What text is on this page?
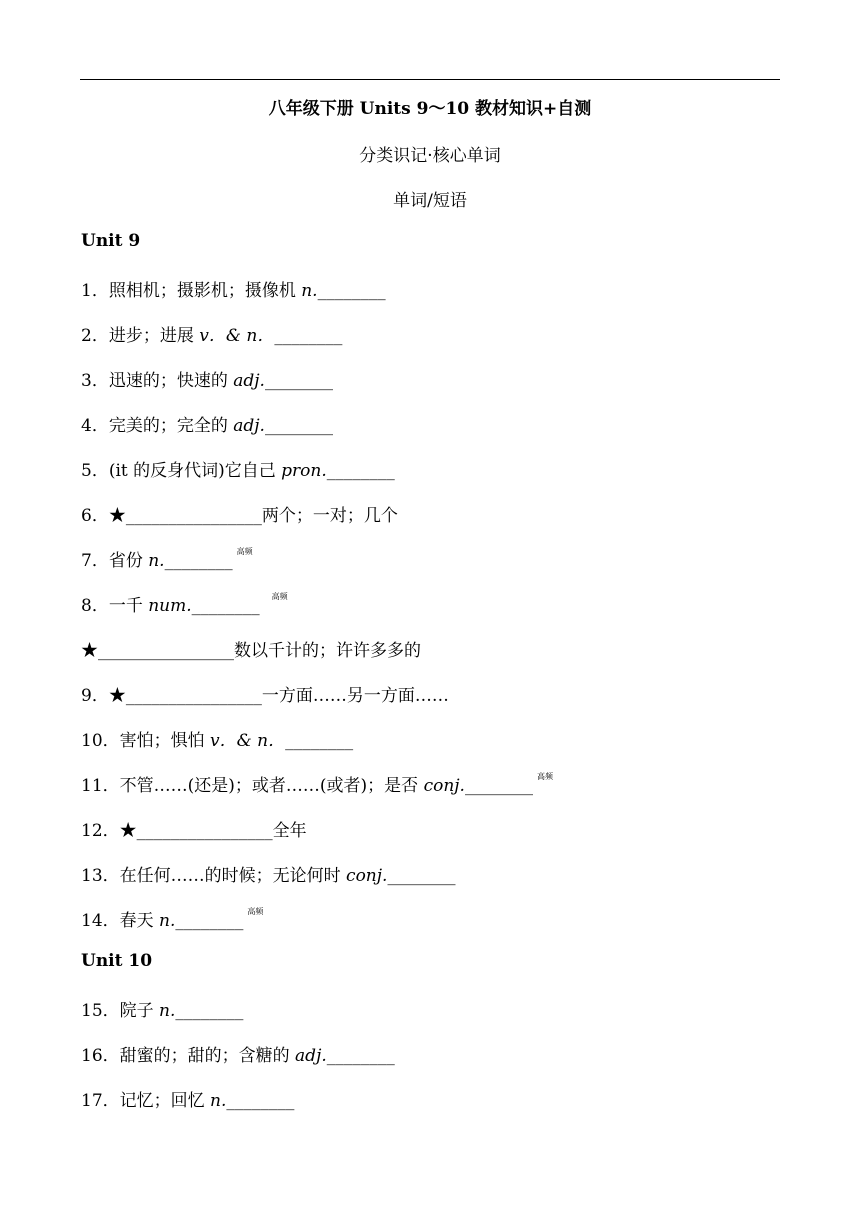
八年级下册 Units 9～10 教材知识+自测
分类识记·核心单词
单词/短语
Unit 9
1．照相机；摄影机；摄像机 n.________
2．进步；进展 v．& n．________
3．迅速的；快速的 adj.________
4．完美的；完全的 adj.________
5．(it 的反身代词)它自己 pron.________
6．★________________两个；一对；几个
7．省份 n.________ $^{高频}$
8．一千 num.________ $^{高频}$
★________________数以千计的；许许多多的
9．★________________一方面……另一方面……
10．害怕；惧怕 v．& n．________
11．不管……(还是)；或者……(或者)；是否 conj.________ $^{高频}$
12．★________________全年
13．在任何……的时候；无论何时 conj.________
14．春天 n.________ $^{高频}$
Unit 10
15．院子 n.________
16．甜蜜的；甜的；含糖的 adj.________
17．记忆；回忆 n.________
